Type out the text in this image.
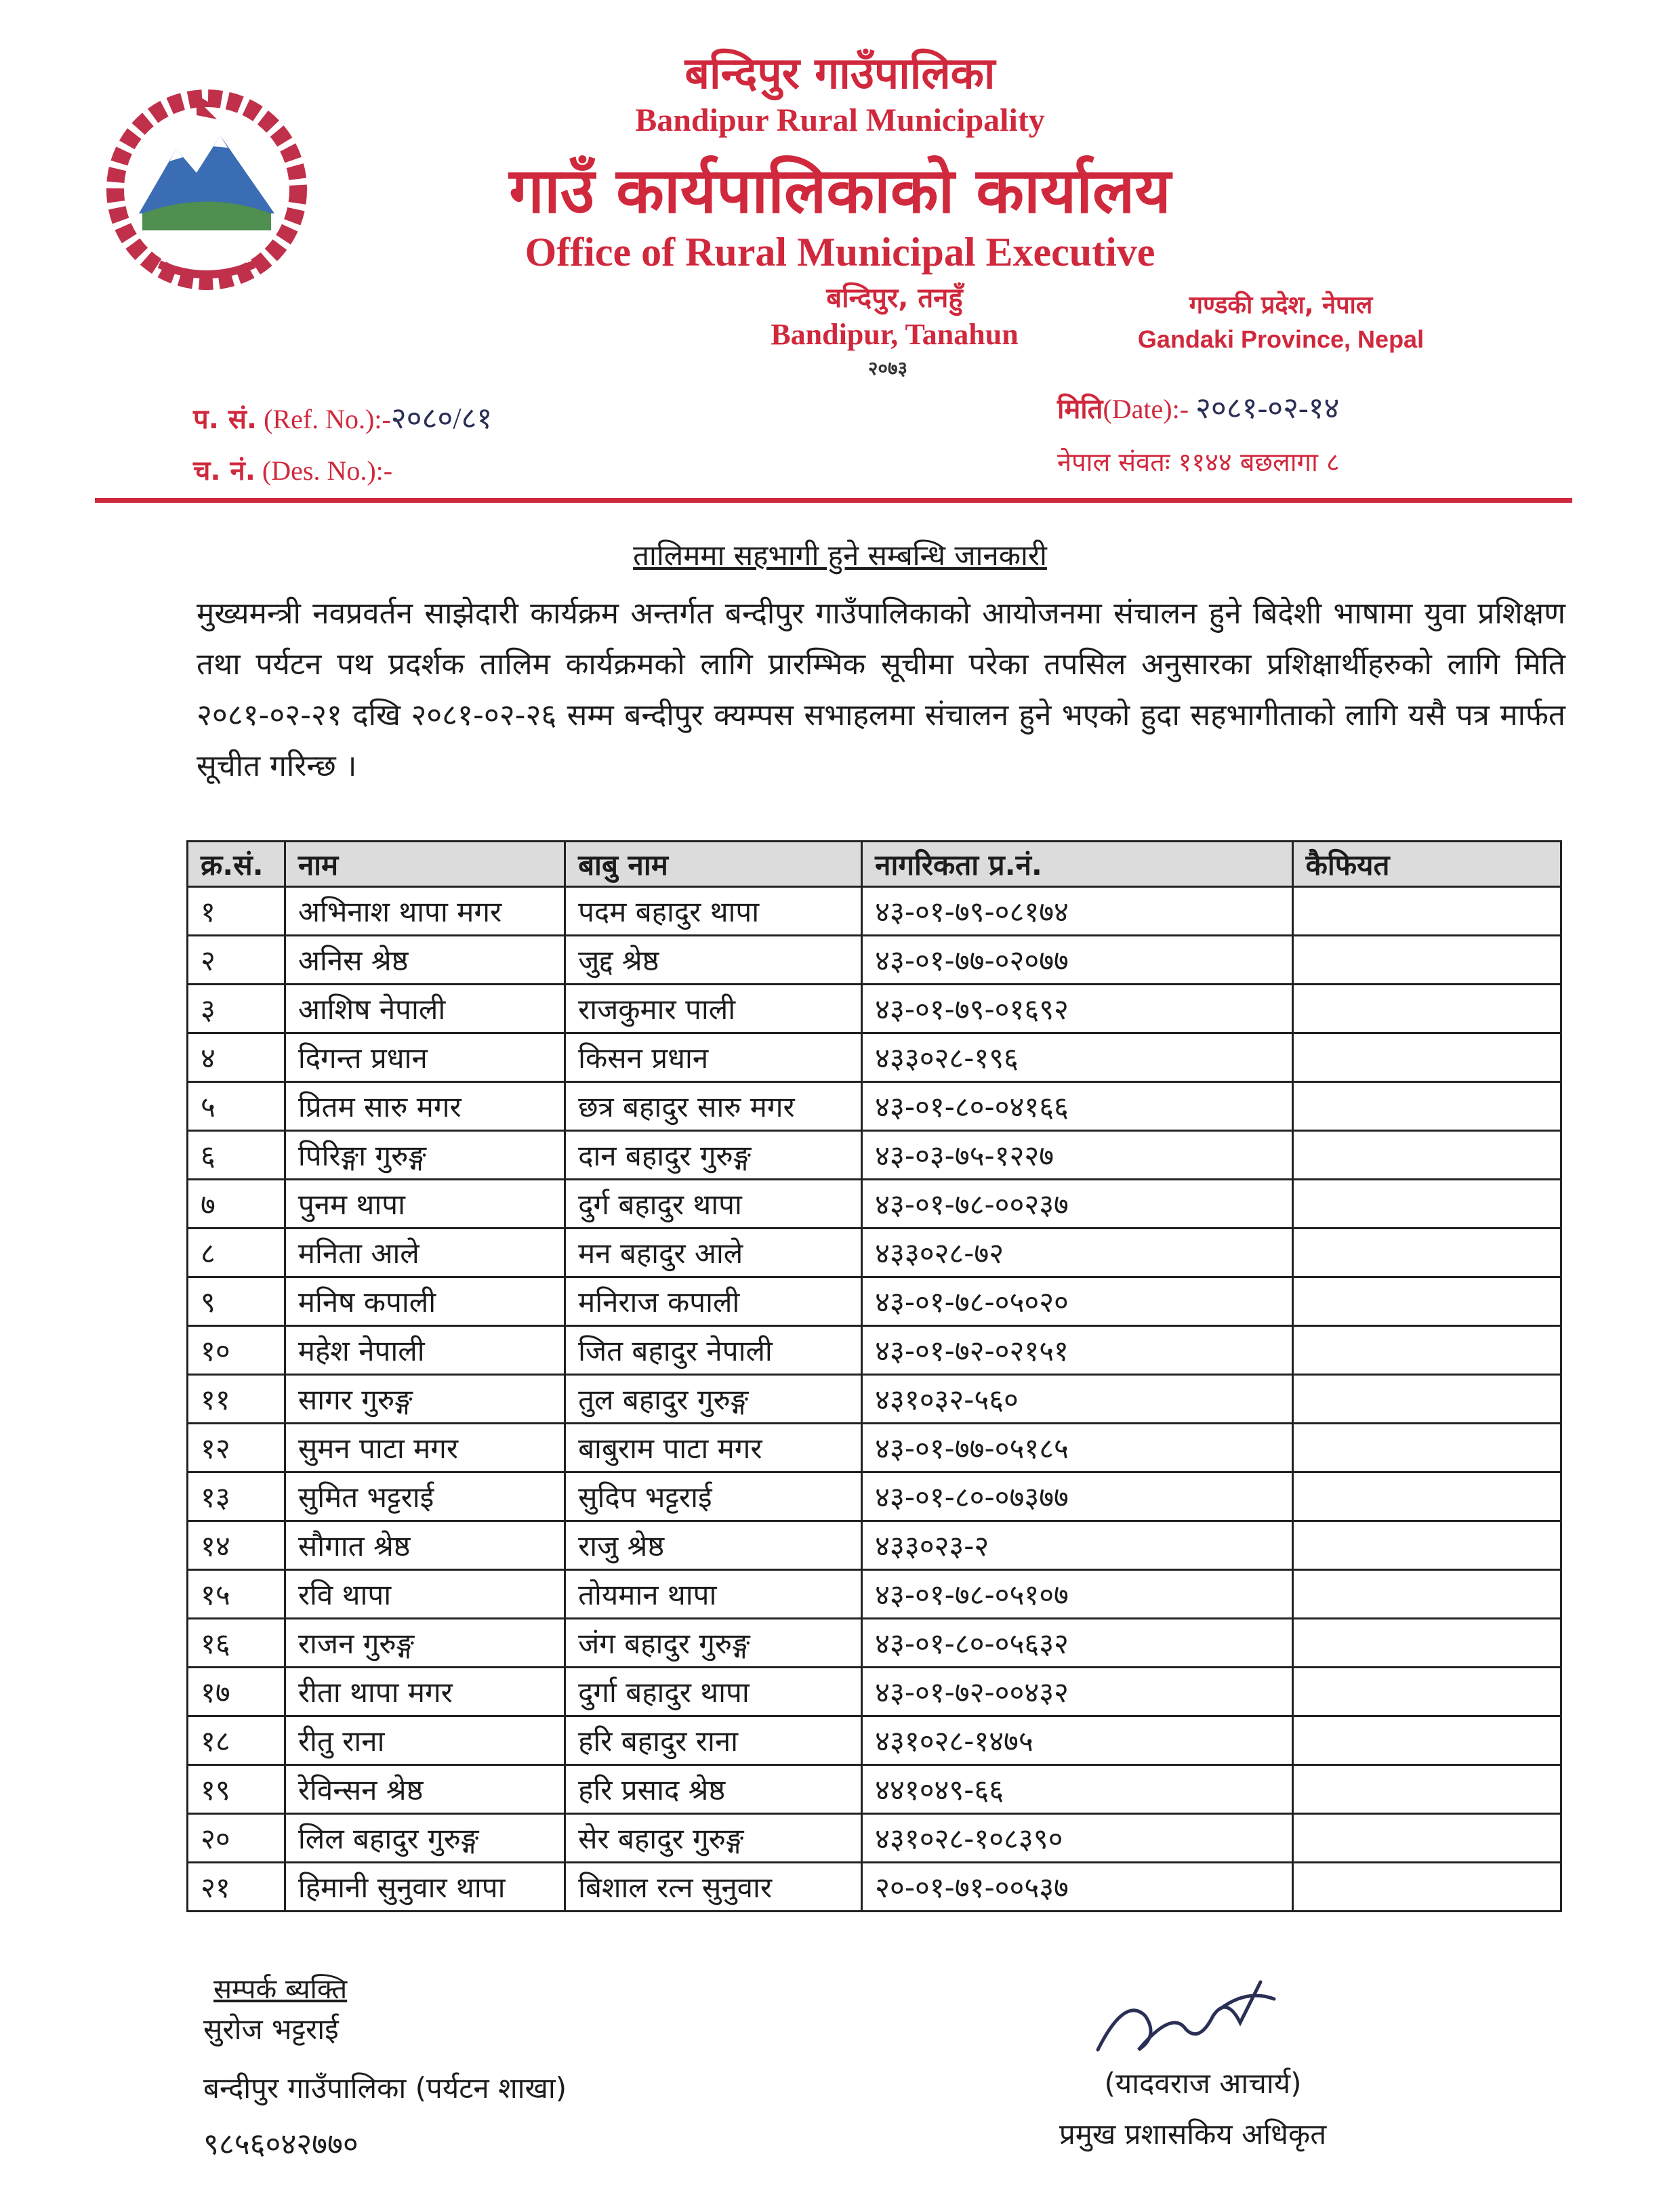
बन्दिपुर गाउँपालिका
Bandipur Rural Municipality
गाउँ कार्यपालिकाको कार्यालय
Office of Rural Municipal Executive
बन्दिपुर, तनहुँ
Bandipur, Tanahun
२०७३
गण्डकी प्रदेश, नेपाल
Gandaki Province, Nepal
प. सं. (Ref. No.):-२०८०/८१
च. नं. (Des. No.):-
मिति(Date):- २०८१-०२-१४
नेपाल संवतः ११४४ बछलागा ८
तालिममा सहभागी हुने सम्बन्धि जानकारी
मुख्यमन्त्री नवप्रवर्तन साझेदारी कार्यक्रम अन्तर्गत बन्दीपुर गाउँपालिकाको आयोजनमा संचालन हुने बिदेशी भाषामा युवा प्रशिक्षण तथा पर्यटन पथ प्रदर्शक तालिम कार्यक्रमको लागि प्रारम्भिक सूचीमा परेका तपसिल अनुसारका प्रशिक्षार्थीहरुको लागि मिति २०८१-०२-२१ दखि २०८१-०२-२६ सम्म बन्दीपुर क्यम्पस सभाहलमा संचालन हुने भएको हुदा सहभागीताको लागि यसै पत्र मार्फत सूचीत गरिन्छ ।
क्र.सं.	नाम	बाबु नाम	नागरिकता प्र.नं.	कैफियत
१	अभिनाश थापा मगर	पदम बहादुर थापा	४३-०१-७९-०८१७४	
२	अनिस श्रेष्ठ	जुद्द श्रेष्ठ	४३-०१-७७-०२०७७	
३	आशिष नेपाली	राजकुमार पाली	४३-०१-७९-०१६९२	
४	दिगन्त प्रधान	किसन प्रधान	४३३०२८-१९६	
५	प्रितम सारु मगर	छत्र बहादुर सारु मगर	४३-०१-८०-०४१६६	
६	पिरिङ्गा गुरुङ्ग	दान बहादुर गुरुङ्ग	४३-०३-७५-१२२७	
७	पुनम थापा	दुर्ग बहादुर थापा	४३-०१-७८-००२३७	
८	मनिता आले	मन बहादुर आले	४३३०२८-७२	
९	मनिष कपाली	मनिराज कपाली	४३-०१-७८-०५०२०	
१०	महेश नेपाली	जित बहादुर नेपाली	४३-०१-७२-०२१५१	
११	सागर गुरुङ्ग	तुल बहादुर गुरुङ्ग	४३१०३२-५६०	
१२	सुमन पाटा मगर	बाबुराम पाटा मगर	४३-०१-७७-०५१८५	
१३	सुमित भट्टराई	सुदिप भट्टराई	४३-०१-८०-०७३७७	
१४	सौगात श्रेष्ठ	राजु श्रेष्ठ	४३३०२३-२	
१५	रवि थापा	तोयमान थापा	४३-०१-७८-०५१०७	
१६	राजन गुरुङ्ग	जंग बहादुर गुरुङ्ग	४३-०१-८०-०५६३२	
१७	रीता थापा मगर	दुर्गा बहादुर थापा	४३-०१-७२-००४३२	
१८	रीतु राना	हरि बहादुर राना	४३१०२८-१४७५	
१९	रेविन्सन श्रेष्ठ	हरि प्रसाद श्रेष्ठ	४४१०४९-६६	
२०	लिल बहादुर गुरुङ्ग	सेर बहादुर गुरुङ्ग	४३१०२८-१०८३९०	
२१	हिमानी सुनुवार थापा	बिशाल रत्न सुनुवार	२०-०१-७१-००५३७	
सम्पर्क ब्यक्ति
सुरोज भट्टराई
बन्दीपुर गाउँपालिका (पर्यटन शाखा)
९८५६०४२७७०
(यादवराज आचार्य)
प्रमुख प्रशासकिय अधिकृत
